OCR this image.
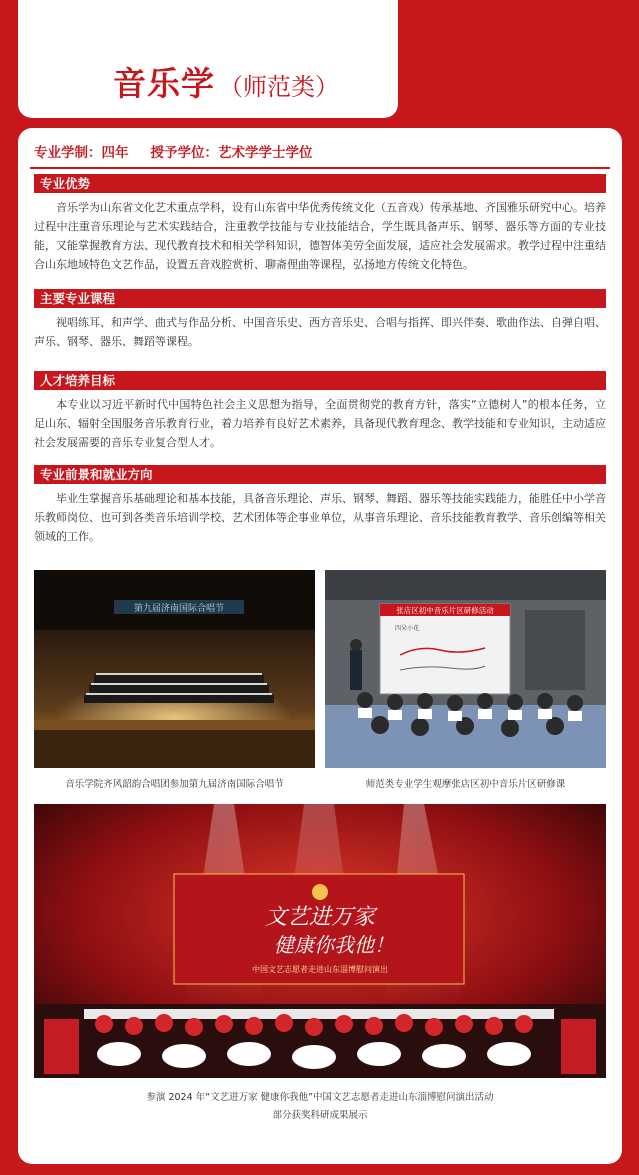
音乐学 （师范类）
专业学制：四年 授予学位：艺术学学士学位
专业优势

音乐学为山东省文化艺术重点学科，设有山东省中华优秀传统文化（五音戏）传承基地、齐国雅乐研究中心。培养过程中注重音乐理论与艺术实践结合，注重教学技能与专业技能结合，学生既具备声乐、钢琴、器乐等方面的专业技能，又能掌握教育方法、现代教育技术和相关学科知识，德智体美劳全面发展，适应社会发展需求。教学过程中注重结合山东地域特色文艺作品，设置五音戏腔赏析、聊斋俚曲等课程，弘扬地方传统文化特色。

主要专业课程

视唱练耳、和声学、曲式与作品分析、中国音乐史、西方音乐史、合唱与指挥、即兴伴奏、歌曲作法、自弹自唱、声乐、钢琴、器乐、舞蹈等课程。

人才培养目标

本专业以习近平新时代中国特色社会主义思想为指导，全面贯彻党的教育方针，落实“立德树人”的根本任务，立足山东、辐射全国服务音乐教育行业，着力培养有良好艺术素养，具备现代教育理念、教学技能和专业知识，主动适应社会发展需要的音乐专业复合型人才。

专业前景和就业方向

毕业生掌握音乐基础理论和基本技能，具备音乐理论、声乐、钢琴、舞蹈、器乐等技能实践能力，能胜任中小学音乐教师岗位、也可到各类音乐培训学校、艺术团体等企事业单位，从事音乐理论、音乐技能教育教学、音乐创编等相关领域的工作。

第九届济南国际合唱节
音乐学院齐风韶韵合唱团参加第九届济南国际合唱节
张店区初中音乐片区研修活动
四朵小花
师范类专业学生观摩张店区初中音乐片区研修课
文艺进万家
健康你我他！
中国文艺志愿者走进山东淄博慰问演出
参演 2024 年“文艺进万家 健康你我他”中国文艺志愿者走进山东淄博慰问演出活动
部分获奖科研成果展示
